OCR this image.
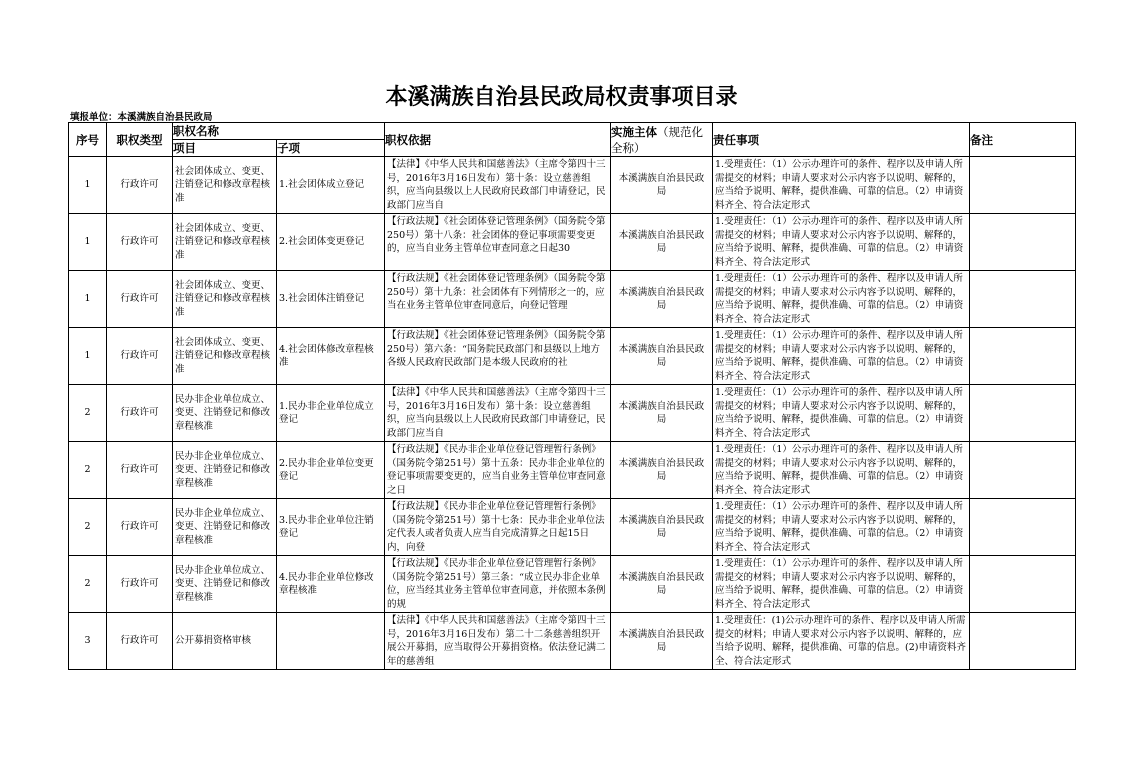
本溪满族自治县民政局权责事项目录
填报单位：本溪满族自治县民政局
序号	职权类型	职权名称		职权依据	实施主体（规范化全称）	责任事项	备注
		项目	子项				
1	行政许可	社会团体成立、变更、注销登记和修改章程核准	1.社会团体成立登记	【法律】《中华人民共和国慈善法》（主席令第四十三号，2016年3月16日发布）第十条：设立慈善组织，应当向县级以上人民政府民政部门申请登记，民政部门应当自	本溪满族自治县民政局	1.受理责任：（1）公示办理许可的条件、程序以及申请人所需提交的材料；申请人要求对公示内容予以说明、解释的，应当给予说明、解释，提供准确、可靠的信息。（2）申请资料齐全、符合法定形式	

1	行政许可	社会团体成立、变更、注销登记和修改章程核准	2.社会团体变更登记	【行政法规】《社会团体登记管理条例》（国务院令第250号）第十八条：社会团体的登记事项需要变更的，应当自业务主管单位审查同意之日起30	本溪满族自治县民政局	1.受理责任：（1）公示办理许可的条件、程序以及申请人所需提交的材料；申请人要求对公示内容予以说明、解释的，应当给予说明、解释，提供准确、可靠的信息。（2）申请资料齐全、符合法定形式	

1	行政许可	社会团体成立、变更、注销登记和修改章程核准	3.社会团体注销登记	【行政法规】《社会团体登记管理条例》（国务院令第250号）第十九条：社会团体有下列情形之一的，应当在业务主管单位审查同意后，向登记管理	本溪满族自治县民政局	1.受理责任：（1）公示办理许可的条件、程序以及申请人所需提交的材料；申请人要求对公示内容予以说明、解释的，应当给予说明、解释，提供准确、可靠的信息。（2）申请资料齐全、符合法定形式	

1	行政许可	社会团体成立、变更、注销登记和修改章程核准	4.社会团体修改章程核准	【行政法规】《社会团体登记管理条例》（国务院令第250号）第六条：“国务院民政部门和县级以上地方各级人民政府民政部门是本级人民政府的社	本溪满族自治县民政局	1.受理责任：（1）公示办理许可的条件、程序以及申请人所需提交的材料；申请人要求对公示内容予以说明、解释的，应当给予说明、解释，提供准确、可靠的信息。（2）申请资料齐全、符合法定形式	

2	行政许可	民办非企业单位成立、变更、注销登记和修改章程核准	1.民办非企业单位成立登记	【法律】《中华人民共和国慈善法》（主席令第四十三号，2016年3月16日发布）第十条：设立慈善组织，应当向县级以上人民政府民政部门申请登记，民政部门应当自	本溪满族自治县民政局	1.受理责任：（1）公示办理许可的条件、程序以及申请人所需提交的材料；申请人要求对公示内容予以说明、解释的，应当给予说明、解释，提供准确、可靠的信息。（2）申请资料齐全、符合法定形式	

2	行政许可	民办非企业单位成立、变更、注销登记和修改章程核准	2.民办非企业单位变更登记	【行政法规】《民办非企业单位登记管理暂行条例》（国务院令第251号）第十五条：民办非企业单位的登记事项需要变更的，应当自业务主管单位审查同意之日	本溪满族自治县民政局	1.受理责任：（1）公示办理许可的条件、程序以及申请人所需提交的材料；申请人要求对公示内容予以说明、解释的，应当给予说明、解释，提供准确、可靠的信息。（2）申请资料齐全、符合法定形式	

2	行政许可	民办非企业单位成立、变更、注销登记和修改章程核准	3.民办非企业单位注销登记	【行政法规】《民办非企业单位登记管理暂行条例》（国务院令第251号）第十七条：民办非企业单位法定代表人或者负责人应当自完成清算之日起15日内，向登	本溪满族自治县民政局	1.受理责任：（1）公示办理许可的条件、程序以及申请人所需提交的材料；申请人要求对公示内容予以说明、解释的，应当给予说明、解释，提供准确、可靠的信息。（2）申请资料齐全、符合法定形式	

2	行政许可	民办非企业单位成立、变更、注销登记和修改章程核准	4.民办非企业单位修改章程核准	【行政法规】《民办非企业单位登记管理暂行条例》（国务院令第251号）第三条：“成立民办非企业单位，应当经其业务主管单位审查同意，并依照本条例的规	本溪满族自治县民政局	1.受理责任：（1）公示办理许可的条件、程序以及申请人所需提交的材料；申请人要求对公示内容予以说明、解释的，应当给予说明、解释，提供准确、可靠的信息。（2）申请资料齐全、符合法定形式	

3	行政许可	公开募捐资格审核		【法律】《中华人民共和国慈善法》（主席令第四十三号，2016年3月16日发布）第二十二条慈善组织开展公开募捐，应当取得公开募捐资格。依法登记满二年的慈善组	本溪满族自治县民政局	1.受理责任：(1)公示办理许可的条件、程序以及申请人所需提交的材料；申请人要求对公示内容予以说明、解释的，应当给予说明、解释，提供准确、可靠的信息。(2)申请资料齐全、符合法定形式	
